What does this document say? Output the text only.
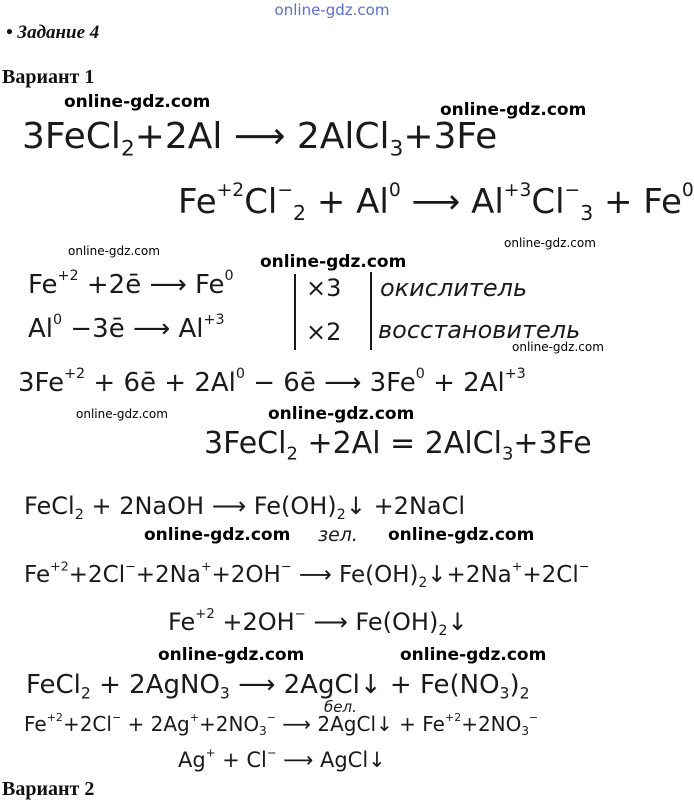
online-gdz.com
• Задание 4
Вариант 1
online-gdz.com	online-gdz.com
online-gdz.com
online-gdz.com
online-gdz.com
online-gdz.com
online-gdz.com	online-gdz.com
online-gdz.com	online-gdz.com
online-gdz.com	online-gdz.com
3FeCl$_2$+2Al ⟶ 2AlCl$_3$+3Fe
$Fe^{+2}Cl^-_2 + Al^0$ ⟶ $Al^{+3}Cl^-_3 + Fe^0$
$Fe^{+2}$ +2ē ⟶ Fe$^0$
$Al^0$ −3ē ⟶ $Al^{+3}$
×3
×2
окислитель
восстановитель
$3Fe^{+2}$ + 6ē + $2Al^0$ − 6ē ⟶ $3Fe^0 + 2Al^{+3}$
3FeCl$_2$ +2Al = 2AlCl$_3$+3Fe
FeCl$_2$ + 2NaOH ⟶ $Fe(OH)_2↓$ +2NaCl
зел.
$Fe^{+2}+2Cl^-+2Na^++2OH^-$ ⟶ $Fe(OH)_2↓+2Na^++2Cl^-$
$Fe^{+2} +2OH^-$ ⟶ $Fe(OH)_2↓$
FeCl$_2$ + 2AgNO$_3$ ⟶ 2AgCl↓ + $Fe(NO_3)_2$
бел.
$Fe^{+2}+2Cl^- + 2Ag^++2NO_3^-$ ⟶ 2AgCl↓ + $Fe^{+2}+2NO_3^-$
Ag+ + Cl− ⟶ AgCl↓
Вариант 2
